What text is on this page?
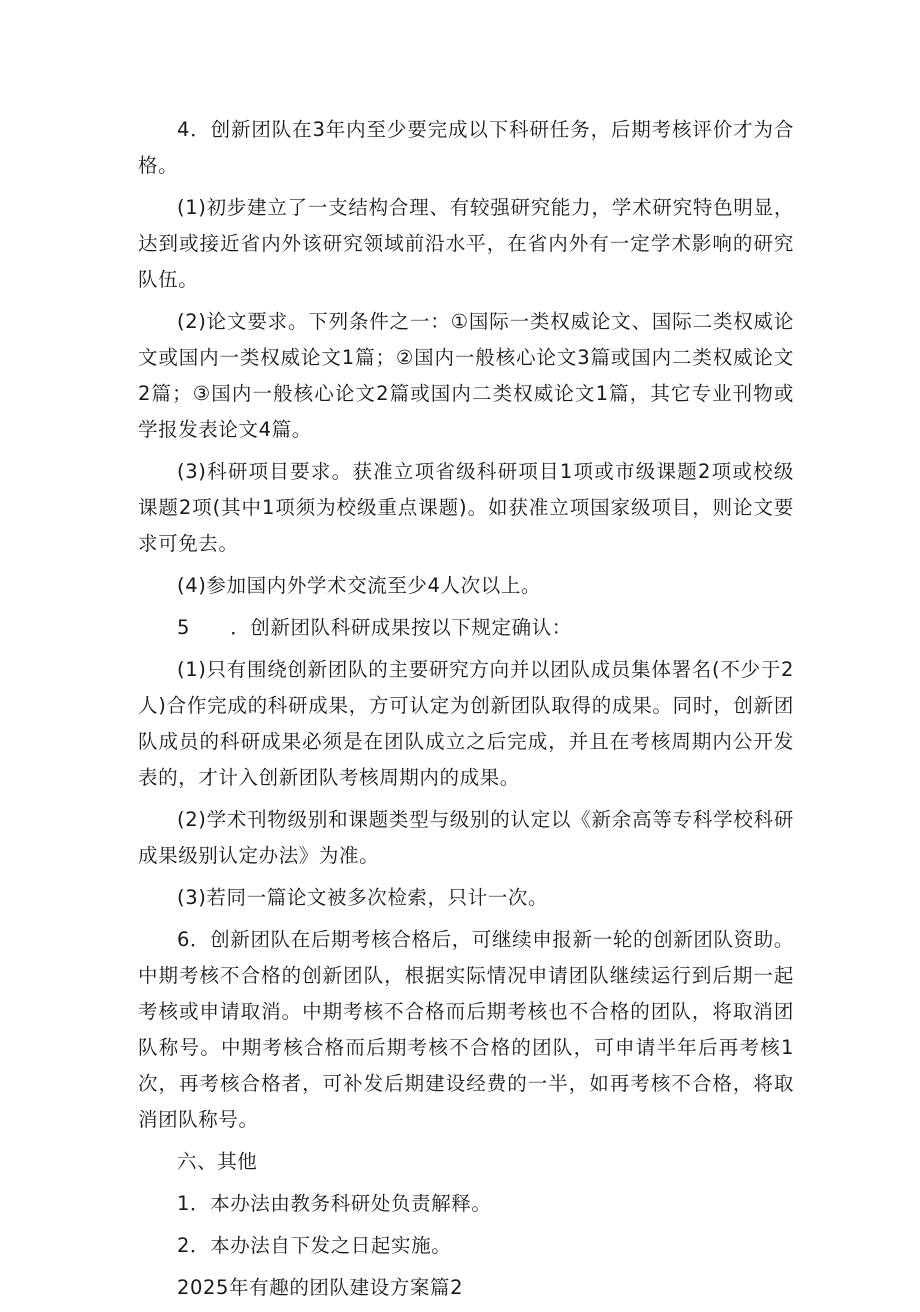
4．创新团队在3年内至少要完成以下科研任务，后期考核评价才为合格。

(1)初步建立了一支结构合理、有较强研究能力，学术研究特色明显，达到或接近省内外该研究领域前沿水平，在省内外有一定学术影响的研究队伍。

(2)论文要求。下列条件之一：①国际一类权威论文、国际二类权威论文或国内一类权威论文1篇；②国内一般核心论文3篇或国内二类权威论文2篇；③国内一般核心论文2篇或国内二类权威论文1篇，其它专业刊物或学报发表论文4篇。

(3)科研项目要求。获准立项省级科研项目1项或市级课题2项或校级课题2项(其中1项须为校级重点课题)。如获准立项国家级项目，则论文要求可免去。

(4)参加国内外学术交流至少4人次以上。

5　　．创新团队科研成果按以下规定确认：

(1)只有围绕创新团队的主要研究方向并以团队成员集体署名(不少于2人)合作完成的科研成果，方可认定为创新团队取得的成果。同时，创新团队成员的科研成果必须是在团队成立之后完成，并且在考核周期内公开发表的，才计入创新团队考核周期内的成果。

(2)学术刊物级别和课题类型与级别的认定以《新余高等专科学校科研成果级别认定办法》为准。

(3)若同一篇论文被多次检索，只计一次。

6．创新团队在后期考核合格后，可继续申报新一轮的创新团队资助。中期考核不合格的创新团队，根据实际情况申请团队继续运行到后期一起考核或申请取消。中期考核不合格而后期考核也不合格的团队，将取消团队称号。中期考核合格而后期考核不合格的团队，可申请半年后再考核1次，再考核合格者，可补发后期建设经费的一半，如再考核不合格，将取消团队称号。

六、其他

1．本办法由教务科研处负责解释。

2．本办法自下发之日起实施。

2025年有趣的团队建设方案篇2
